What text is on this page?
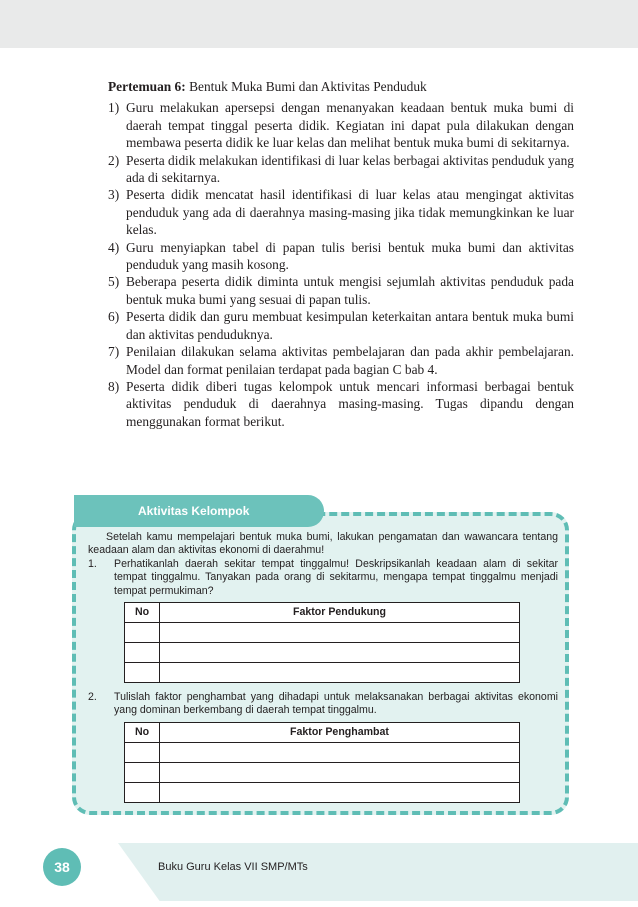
Pertemuan 6: Bentuk Muka Bumi dan Aktivitas Penduduk

1) Guru melakukan apersepsi dengan menanyakan keadaan bentuk muka bumi di daerah tempat tinggal peserta didik. Kegiatan ini dapat pula dilakukan dengan membawa peserta didik ke luar kelas dan melihat bentuk muka bumi di sekitarnya.
2) Peserta didik melakukan identifikasi di luar kelas berbagai aktivitas penduduk yang ada di sekitarnya.
3) Peserta didik mencatat hasil identifikasi di luar kelas atau mengingat aktivitas penduduk yang ada di daerahnya masing-masing jika tidak memungkinkan ke luar kelas.
4) Guru menyiapkan tabel di papan tulis berisi bentuk muka bumi dan aktivitas penduduk yang masih kosong.
5) Beberapa peserta didik diminta untuk mengisi sejumlah aktivitas penduduk pada bentuk muka bumi yang sesuai di papan tulis.
6) Peserta didik dan guru membuat kesimpulan keterkaitan antara bentuk muka bumi dan aktivitas penduduknya.
7) Penilaian dilakukan selama aktivitas pembelajaran dan pada akhir pembelajaran. Model dan format penilaian terdapat pada bagian C bab 4.
8) Peserta didik diberi tugas kelompok untuk mencari informasi berbagai bentuk aktivitas penduduk di daerahnya masing-masing. Tugas dipandu dengan menggunakan format berikut.
Aktivitas Kelompok

Setelah kamu mempelajari bentuk muka bumi, lakukan pengamatan dan wawancara tentang keadaan alam dan aktivitas ekonomi di daerahmu!

1. Perhatikanlah daerah sekitar tempat tinggalmu! Deskripsikanlah keadaan alam di sekitar tempat tinggalmu. Tanyakan pada orang di sekitarmu, mengapa tempat tinggalmu menjadi tempat permukiman?

No	Faktor Pendukung

2. Tulislah faktor penghambat yang dihadapi untuk melaksanakan berbagai aktivitas ekonomi yang dominan berkembang di daerah tempat tinggalmu.

No	Faktor Penghambat

38	Buku Guru Kelas VII SMP/MTs
